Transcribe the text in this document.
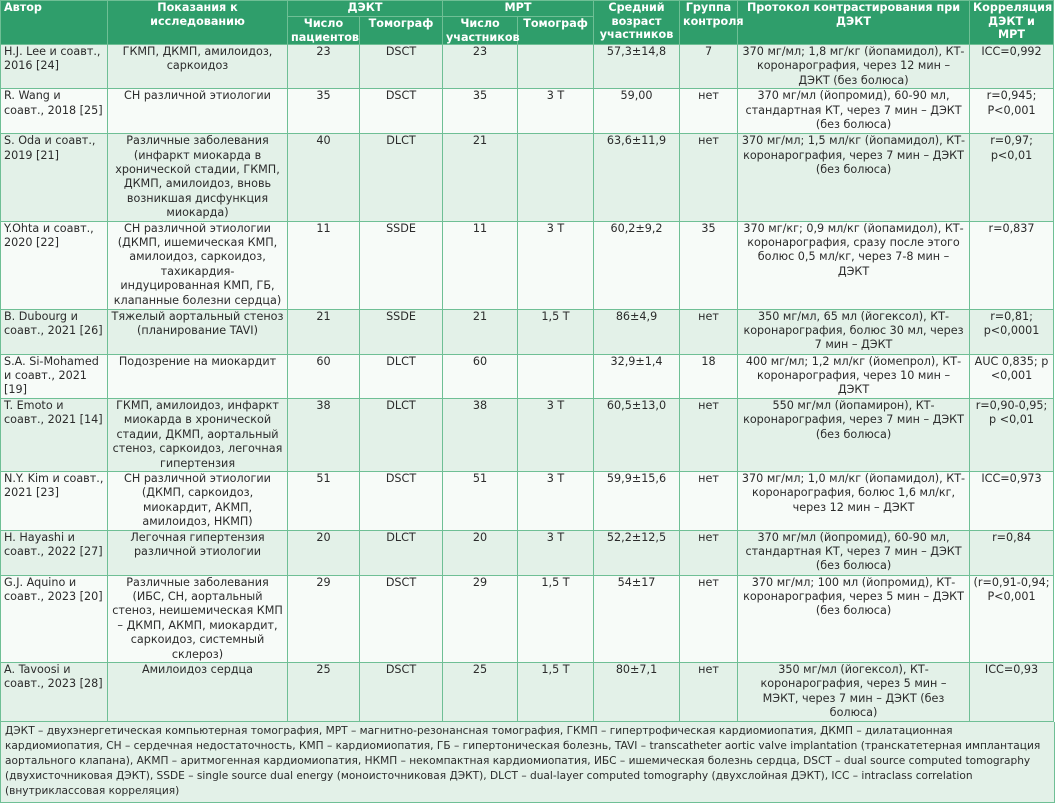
Автор	Показания к исследованию	ДЭКТ		МРТ		Средний возраст участников	Группа контроля	Протокол контрастирования при ДЭКТ	Корреляция ДЭКТ и МРТ
		Число пациентов	Томограф	Число участников	Томограф				
H.J. Lee и соавт., 2016 [24]	ГКМП, ДКМП, амилоидоз, саркоидоз	23	DSCT	23		57,3±14,8	7	370 мг/мл; 1,8 мг/кг (йопамидол), КТ-коронарография, через 12 мин – ДЭКТ (без болюса)	ICC=0,992
R. Wang и соавт., 2018 [25]	СН различной этиологии	35	DSCT	35	3 Т	59,00	нет	370 мг/мл (йопромид), 60-90 мл, стандартная КТ, через 7 мин – ДЭКТ (без болюса)	r=0,945; P<0,001
S. Oda и соавт., 2019 [21]	Различные заболевания (инфаркт миокарда в хронической стадии, ГКМП, ДКМП, амилоидоз, вновь возникшая дисфункция миокарда)	40	DLCT	21		63,6±11,9	нет	370 мг/мл; 1,5 мл/кг (йопамидол), КТ-коронарография, через 7 мин – ДЭКТ (без болюса)	r=0,97; p<0,01
Y.Ohta и соавт., 2020 [22]	СН различной этиологии (ДКМП, ишемическая КМП, амилоидоз, саркоидоз, тахикардия-индуцированная КМП, ГБ, клапанные болезни сердца)	11	SSDE	11	3 Т	60,2±9,2	35	370 мг/кг; 0,9 мл/кг (йопамидол), КТ-коронарография, сразу после этого болюс 0,5 мл/кг, через 7-8 мин – ДЭКТ	r=0,837
B. Dubourg и соавт., 2021 [26]	Тяжелый аортальный стеноз (планирование TAVI)	21	SSDE	21	1,5 Т	86±4,9	нет	350 мг/мл, 65 мл (йогексол), КТ-коронарография, болюс 30 мл, через 7 мин – ДЭКТ	r=0,81; p<0,0001
S.A. Si-Mohamed и соавт., 2021 [19]	Подозрение на миокардит	60	DLCT	60		32,9±1,4	18	400 мг/мл; 1,2 мл/кг (йомепрол), КТ-коронарография, через 10 мин – ДЭКТ	AUC 0,835; p <0,001
T. Emoto и соавт., 2021 [14]	ГКМП, амилоидоз, инфаркт миокарда в хронической стадии, ДКМП, аортальный стеноз, саркоидоз, легочная гипертензия	38	DLCT	38	3 Т	60,5±13,0	нет	550 мг/мл (йопамирон), КТ-коронарография, через 7 мин – ДЭКТ (без болюса)	r=0,90-0,95; p <0,01
N.Y. Kim и соавт., 2021 [23]	СН различной этиологии (ДКМП, саркоидоз, миокардит, АКМП, амилоидоз, НКМП)	51	DSCT	51	3 Т	59,9±15,6	нет	370 мг/мл; 1,0 мл/кг (йопамидол), КТ-коронарография, болюс 1,6 мл/кг, через 12 мин – ДЭКТ	ICC=0,973
H. Hayashi и соавт., 2022 [27]	Легочная гипертензия различной этиологии	20	DLCT	20	3 Т	52,2±12,5	нет	370 мг/мл (йопромид), 60-90 мл, стандартная КТ, через 7 мин – ДЭКТ (без болюса)	r=0,84
G.J. Aquino и соавт., 2023 [20]	Различные заболевания (ИБС, СН, аортальный стеноз, неишемическая КМП – ДКМП, АКМП, миокардит, саркоидоз, системный склероз)	29	DSCT	29	1,5 Т	54±17	нет	370 мг/мл; 100 мл (йопромид), КТ-коронарография, через 5 мин – ДЭКТ (без болюса)	(r=0,91-0,94; P<0,001
A. Tavoosi и соавт., 2023 [28]	Амилоидоз сердца	25	DSCT	25	1,5 Т	80±7,1	нет	350 мг/мл (йогексол), КТ-коронарография, через 5 мин – МЭКТ, через 7 мин – ДЭКТ (без болюса)	ICC=0,93
ДЭКТ – двухэнергетическая компьютерная томография, МРТ – магнитно-резонансная томография, ГКМП – гипертрофическая кардиомиопатия, ДКМП – дилатационная кардиомиопатия, СН – сердечная недостаточность, КМП – кардиомиопатия, ГБ – гипертоническая болезнь, TAVI – transcatheter aortic valve implantation (транскатетерная имплантация аортального клапана), АКМП – аритмогенная кардиомиопатия, НКМП – некомпактная кардиомиопатия, ИБС – ишемическая болезнь сердца, DSCT – dual source computed tomography (двухисточниковая ДЭКТ), SSDE – single source dual energy (моноисточниковая ДЭКТ), DLCT – dual-layer computed tomography (двухслойная ДЭКТ), ICC – intraclass correlation (внутриклассовая корреляция)
